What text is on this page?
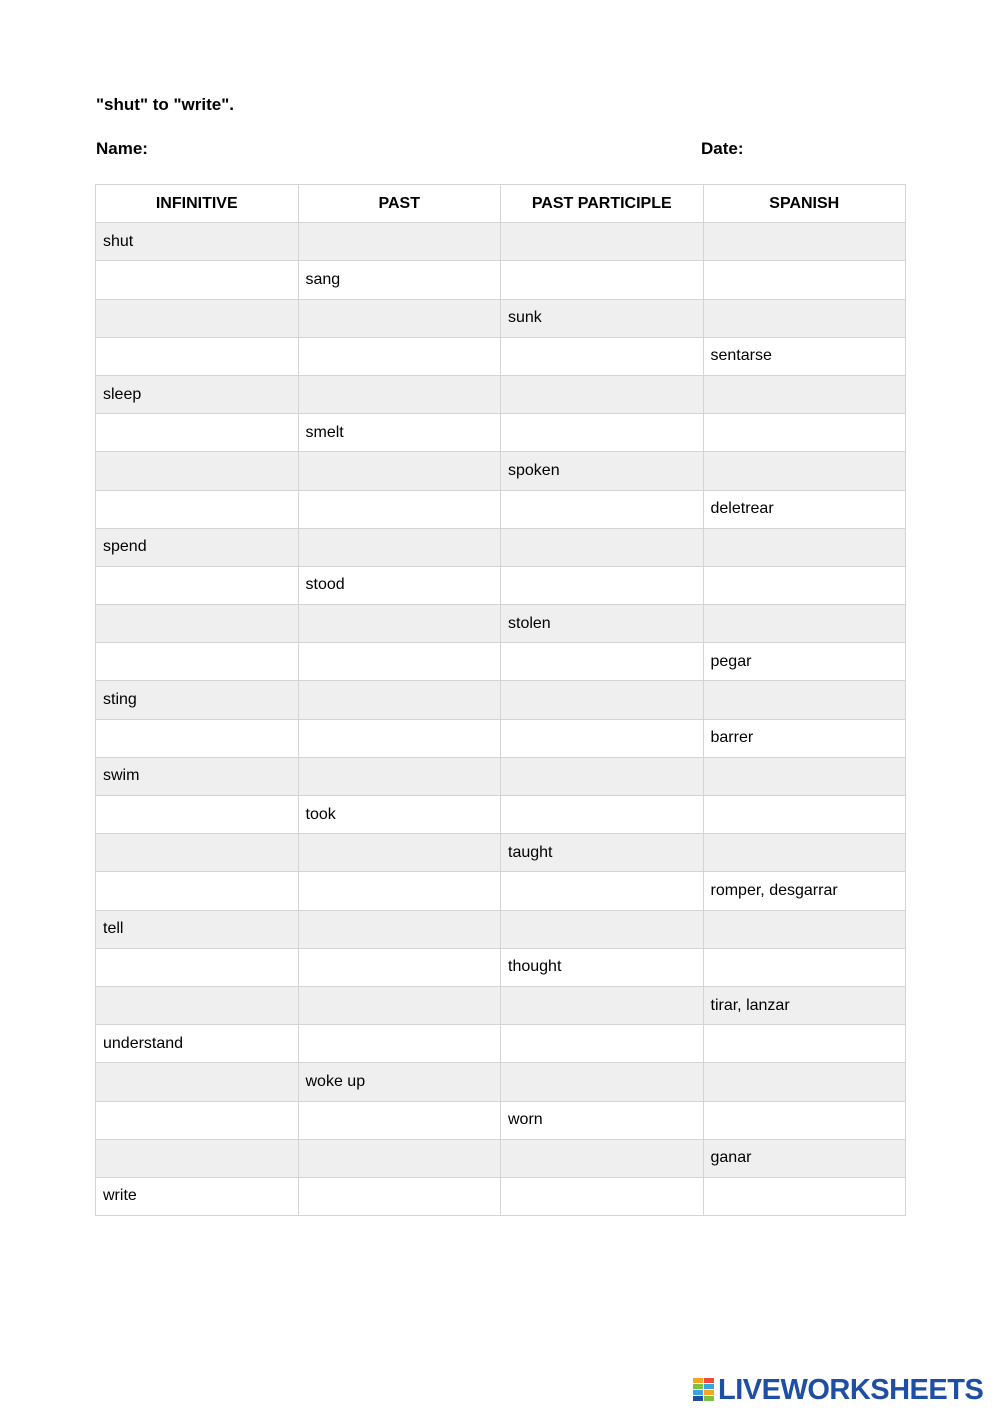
"shut" to "write".
Name:	Date:
INFINITIVE	PAST	PAST PARTICIPLE	SPANISH
shut			
	sang		
		sunk	
			sentarse
sleep			
	smelt		
		spoken	
			deletrear
spend			
	stood		
		stolen	
			pegar
sting			
			barrer
swim			
	took		
		taught	
			romper, desgarrar
tell			
		thought	
			tirar, lanzar
understand			
	woke up		
		worn	
			ganar
write			
LIVEWORKSHEETS
